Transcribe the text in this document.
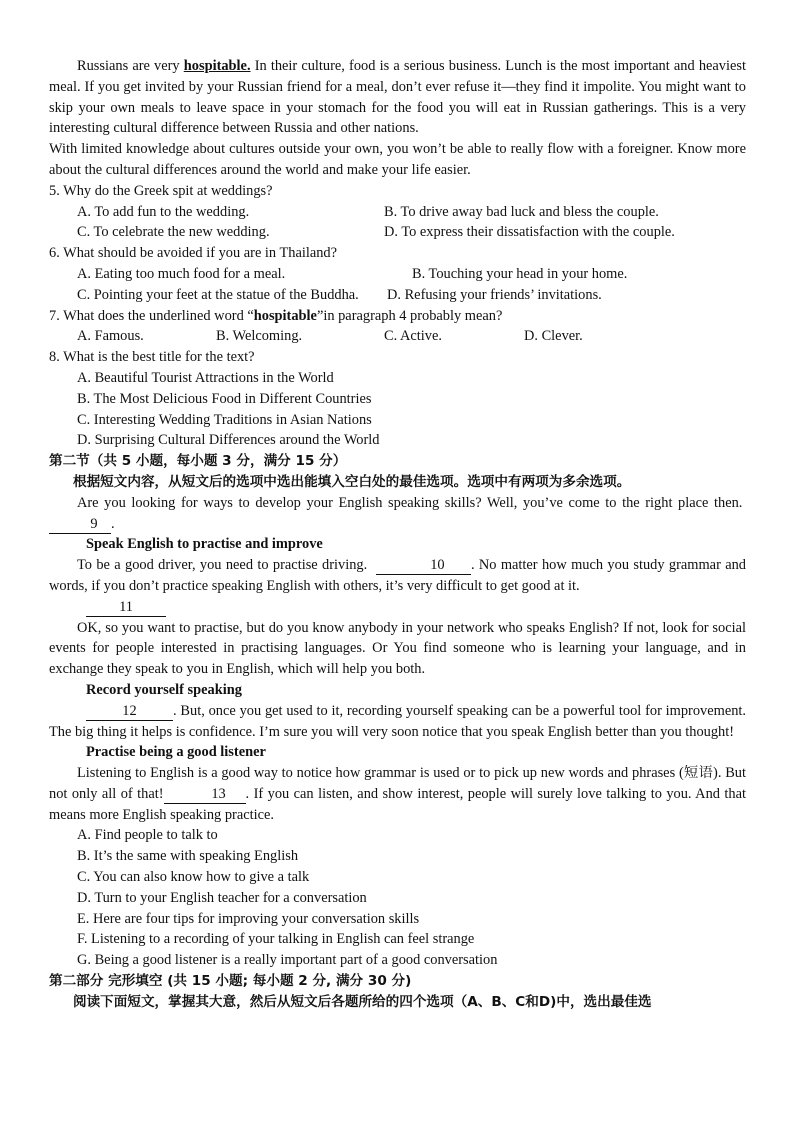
Russians are very hospitable. In their culture, food is a serious business. Lunch is the most important and heaviest meal. If you get invited by your Russian friend for a meal, don’t ever refuse it—they find it impolite. You might want to skip your own meals to leave space in your stomach for the food you will eat in Russian gatherings. This is a very interesting cultural difference between Russia and other nations.

With limited knowledge about cultures outside your own, you won’t be able to really flow with a foreigner. Know more about the cultural differences around the world and make your life easier.

5. Why do the Greek spit at weddings?

A. To add fun to the wedding.	B. To drive away bad luck and bless the couple.
C. To celebrate the new wedding.	D. To express their dissatisfaction with the couple.

6. What should be avoided if you are in Thailand?

A. Eating too much food for a meal.	B. Touching your head in your home.
C. Pointing your feet at the statue of the Buddha.	D. Refusing your friends’ invitations.

7. What does the underlined word “hospitable”in paragraph 4 probably mean?

A. Famous.	B. Welcoming.	C. Active.	D. Clever.

8. What is the best title for the text?

A. Beautiful Tourist Attractions in the World

B. The Most Delicious Food in Different Countries

C. Interesting Wedding Traditions in Asian Nations

D. Surprising Cultural Differences around the World

第二节（共 5 小题，每小题 3 分，满分 15 分）

根据短文内容，从短文后的选项中选出能填入空白处的最佳选项。选项中有两项为多余选项。

Are you looking for ways to develop your English speaking skills? Well, you’ve come to the right place then. 9 .

Speak English to practise and improve

To be a good driver, you need to practise driving.	10 . No matter how much you study grammar and words, if you don’t practice speaking English with others, it’s very difficult to get good at it.

11

OK, so you want to practise, but do you know anybody in your network who speaks English? If not, look for social events for people interested in practising languages. Or You find someone who is learning your language, and in exchange they speak to you in English, which will help you both.

Record yourself speaking

12	. But, once you get used to it, recording yourself speaking can be a powerful tool for improvement. The big thing it helps is confidence. I’m sure you will very soon notice that you speak English better than you thought!

Practise being a good listener

Listening to English is a good way to notice how grammar is used or to pick up new words and phrases (短语). But not only all of that!	13 . If you can listen, and show interest, people will surely love talking to you. And that means more English speaking practice.

A. Find people to talk to

B. It’s the same with speaking English

C. You can also know how to give a talk

D. Turn to your English teacher for a conversation

E. Here are four tips for improving your conversation skills

F. Listening to a recording of your talking in English can feel strange

G. Being a good listener is a really important part of a good conversation

第二部分 完形填空 (共 15 小题; 每小题 2 分, 满分 30 分)

阅读下面短文，掌握其大意，然后从短文后各题所给的四个选项（A、B、C和D)中，选出最佳选
